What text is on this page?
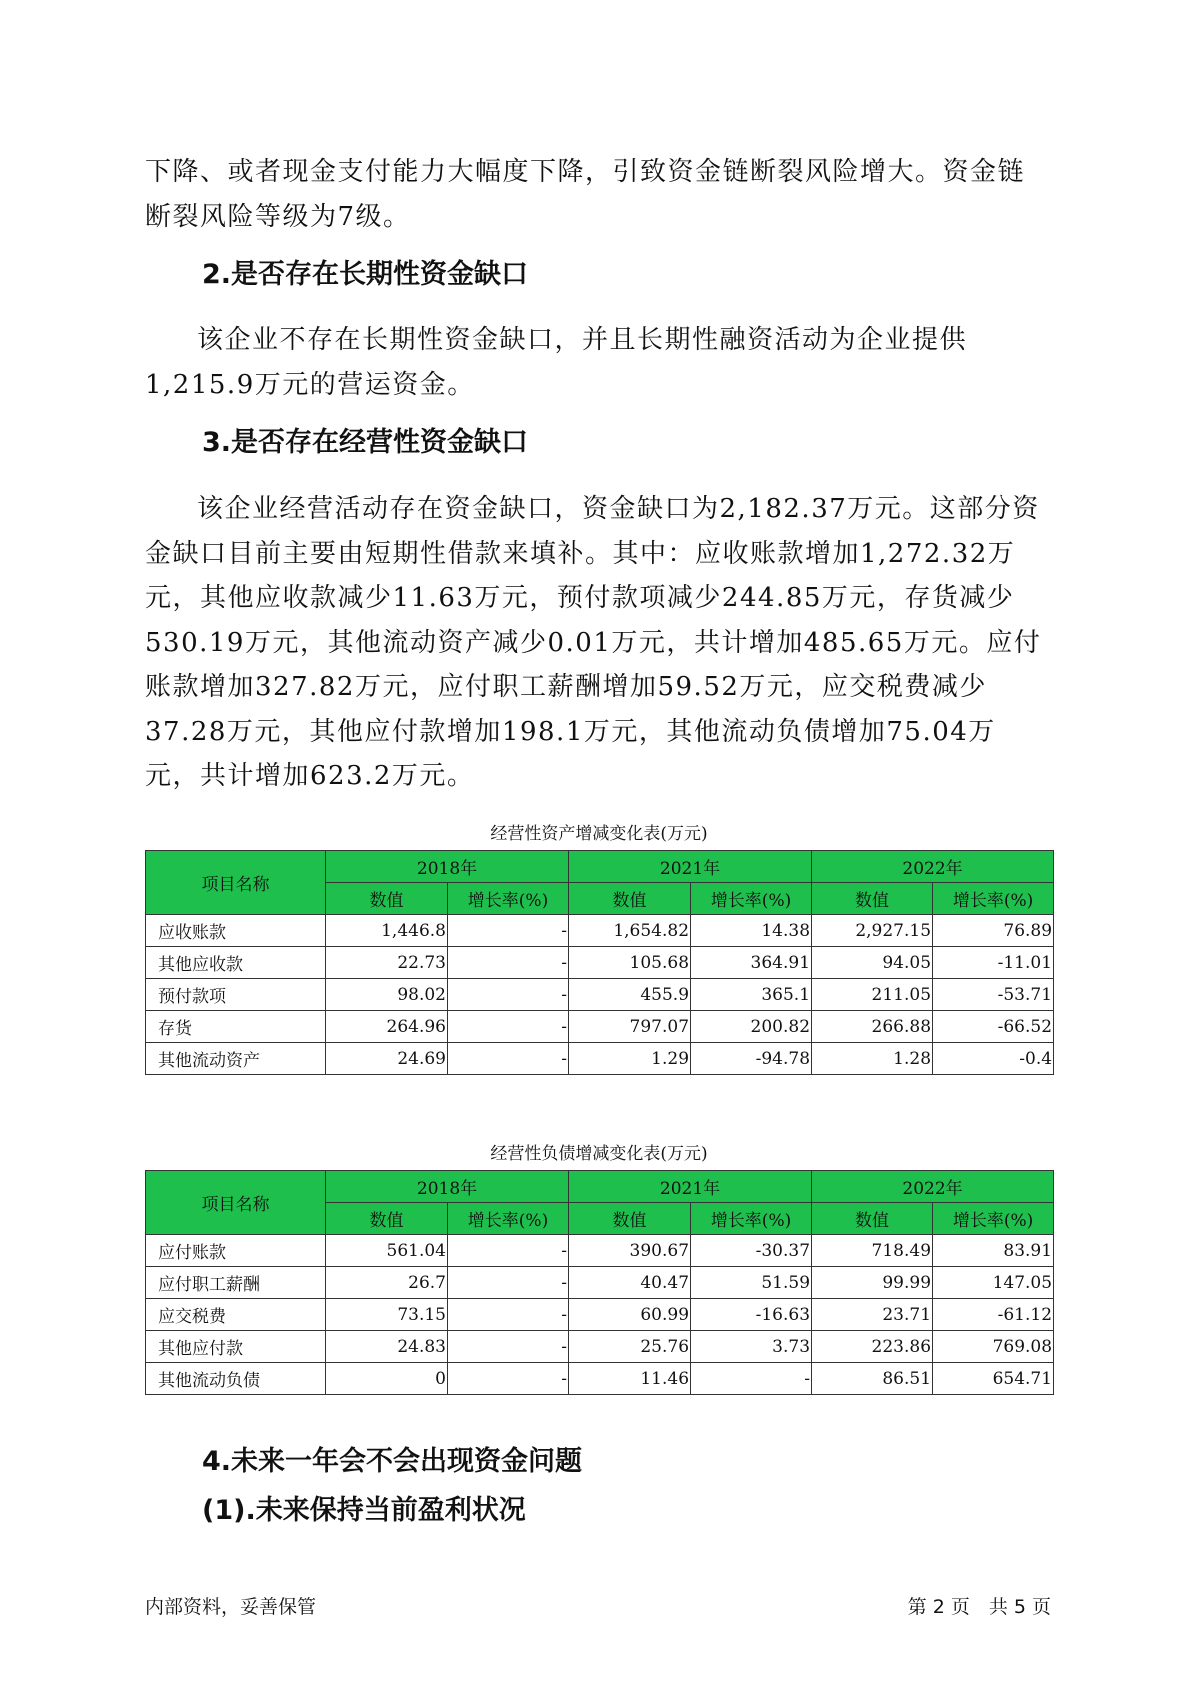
下降、或者现金支付能力大幅度下降，引致资金链断裂风险增大。资金链断裂风险等级为7级。

2.是否存在长期性资金缺口

该企业不存在长期性资金缺口，并且长期性融资活动为企业提供1,215.9万元的营运资金。

3.是否存在经营性资金缺口

该企业经营活动存在资金缺口，资金缺口为2,182.37万元。这部分资金缺口目前主要由短期性借款来填补。其中：应收账款增加1,272.32万元，其他应收款减少11.63万元，预付款项减少244.85万元，存货减少530.19万元，其他流动资产减少0.01万元，共计增加485.65万元。应付账款增加327.82万元，应付职工薪酬增加59.52万元，应交税费减少37.28万元，其他应付款增加198.1万元，其他流动负债增加75.04万元，共计增加623.2万元。

经营性资产增减变化表(万元)
项目名称	2018年		2021年		2022年	
	数值	增长率(%)	数值	增长率(%)	数值	增长率(%)
应收账款	1,446.8	-	1,654.82	14.38	2,927.15	76.89
其他应收款	22.73	-	105.68	364.91	94.05	-11.01
预付款项	98.02	-	455.9	365.1	211.05	-53.71
存货	264.96	-	797.07	200.82	266.88	-66.52
其他流动资产	24.69	-	1.29	-94.78	1.28	-0.4
经营性负债增减变化表(万元)
项目名称	2018年		2021年		2022年	
	数值	增长率(%)	数值	增长率(%)	数值	增长率(%)
应付账款	561.04	-	390.67	-30.37	718.49	83.91
应付职工薪酬	26.7	-	40.47	51.59	99.99	147.05
应交税费	73.15	-	60.99	-16.63	23.71	-61.12
其他应付款	24.83	-	25.76	3.73	223.86	769.08
其他流动负债	0	-	11.46	-	86.51	654.71
4.未来一年会不会出现资金问题
(1).未来保持当前盈利状况
内部资料，妥善保管	第 2 页　共 5 页
